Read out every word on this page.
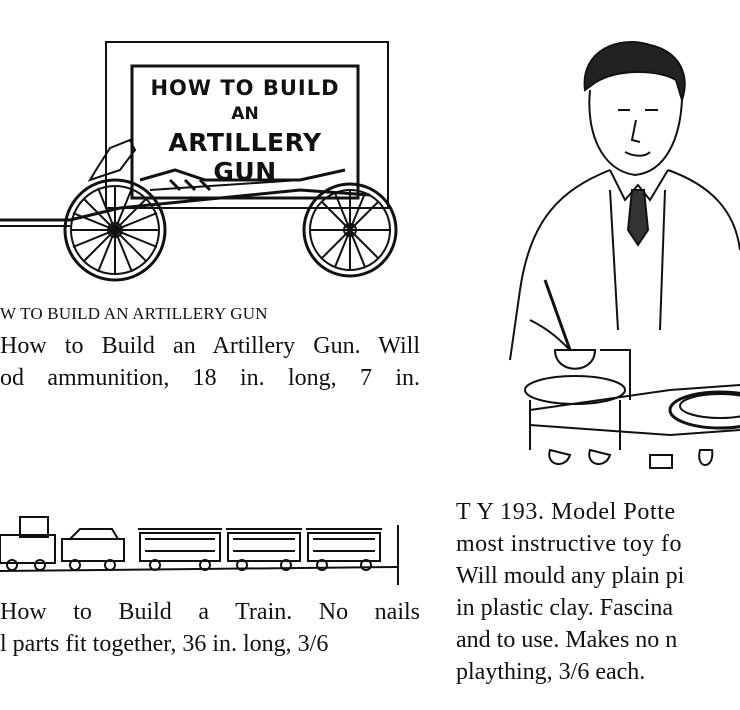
HOW TO BUILD
AN
ARTILLERY GUN
W TO BUILD AN ARTILLERY GUN
How to Build an Artillery Gun. Will
od ammunition, 18 in. long, 7 in.
How to Build a Train. No nails
l parts fit together, 36 in. long, 3/6
T Y 193. Model Potte
most instructive toy fo
Will mould any plain pi
in plastic clay. Fascina
and to use. Makes no n
plaything, 3/6 each.
